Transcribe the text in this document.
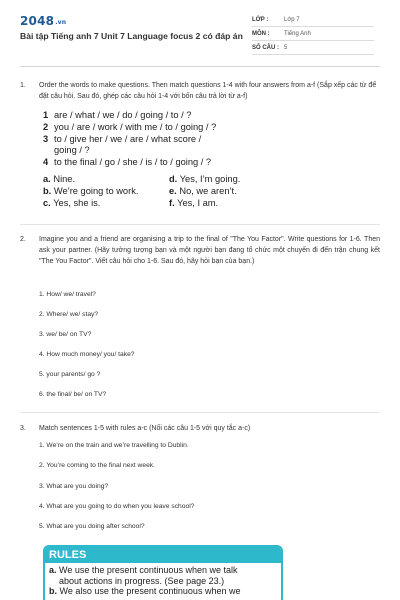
2048.vn
Bài tập Tiếng anh 7 Unit 7 Language focus 2 có đáp án
LỚP :	Lớp 7
MÔN : Tiếng Anh
SỐ CÂU : 5
1. Order the words to make questions. Then match questions 1-4 with four answers from a-f (Sắp xếp các từ để đặt câu hỏi. Sau đó, ghép các câu hỏi 1-4 với bốn câu trả lời từ a-f)
1 are / what / we / do / going / to / ?
2 you / are / work / with me / to / going / ?
3 to / give her / we / are / what score /
going / ?
4 to the final / go / she / is / to / going / ?
a. Nine.
b. We’re going to work.
c. Yes, she is.
d. Yes, I’m going.
e. No, we aren’t.
f. Yes, I am.
2. Imagine you and a friend are organising a trip to the final of "The You Factor". Write questions for 1-6. Then ask your partner. (Hãy tưởng tượng bạn và một người bạn đang tổ chức một chuyến đi đến trận chung kết "The You Factor". Viết câu hỏi cho 1-6. Sau đó, hãy hỏi bạn của bạn.)
1. How/ we/ travel?
2. Where/ we/ stay?
3. we/ be/ on TV?
4. How much money/ you/ take?
5. your parents/ go ?
6. the final/ be/ on TV?
3. Match sentences 1-5 with rules a-c (Nối các câu 1-5 với quy tắc a-c)
1. We’re on the train and we’re travelling to Dublin.
2. You’re coming to the final next week.
3. What are you doing?
4. What are you going to do when you leave school?
5. What are you doing after school?
RULES
a. We use the present continuous when we talk
about actions in progress. (See page 23.)
b. We also use the present continuous when we
